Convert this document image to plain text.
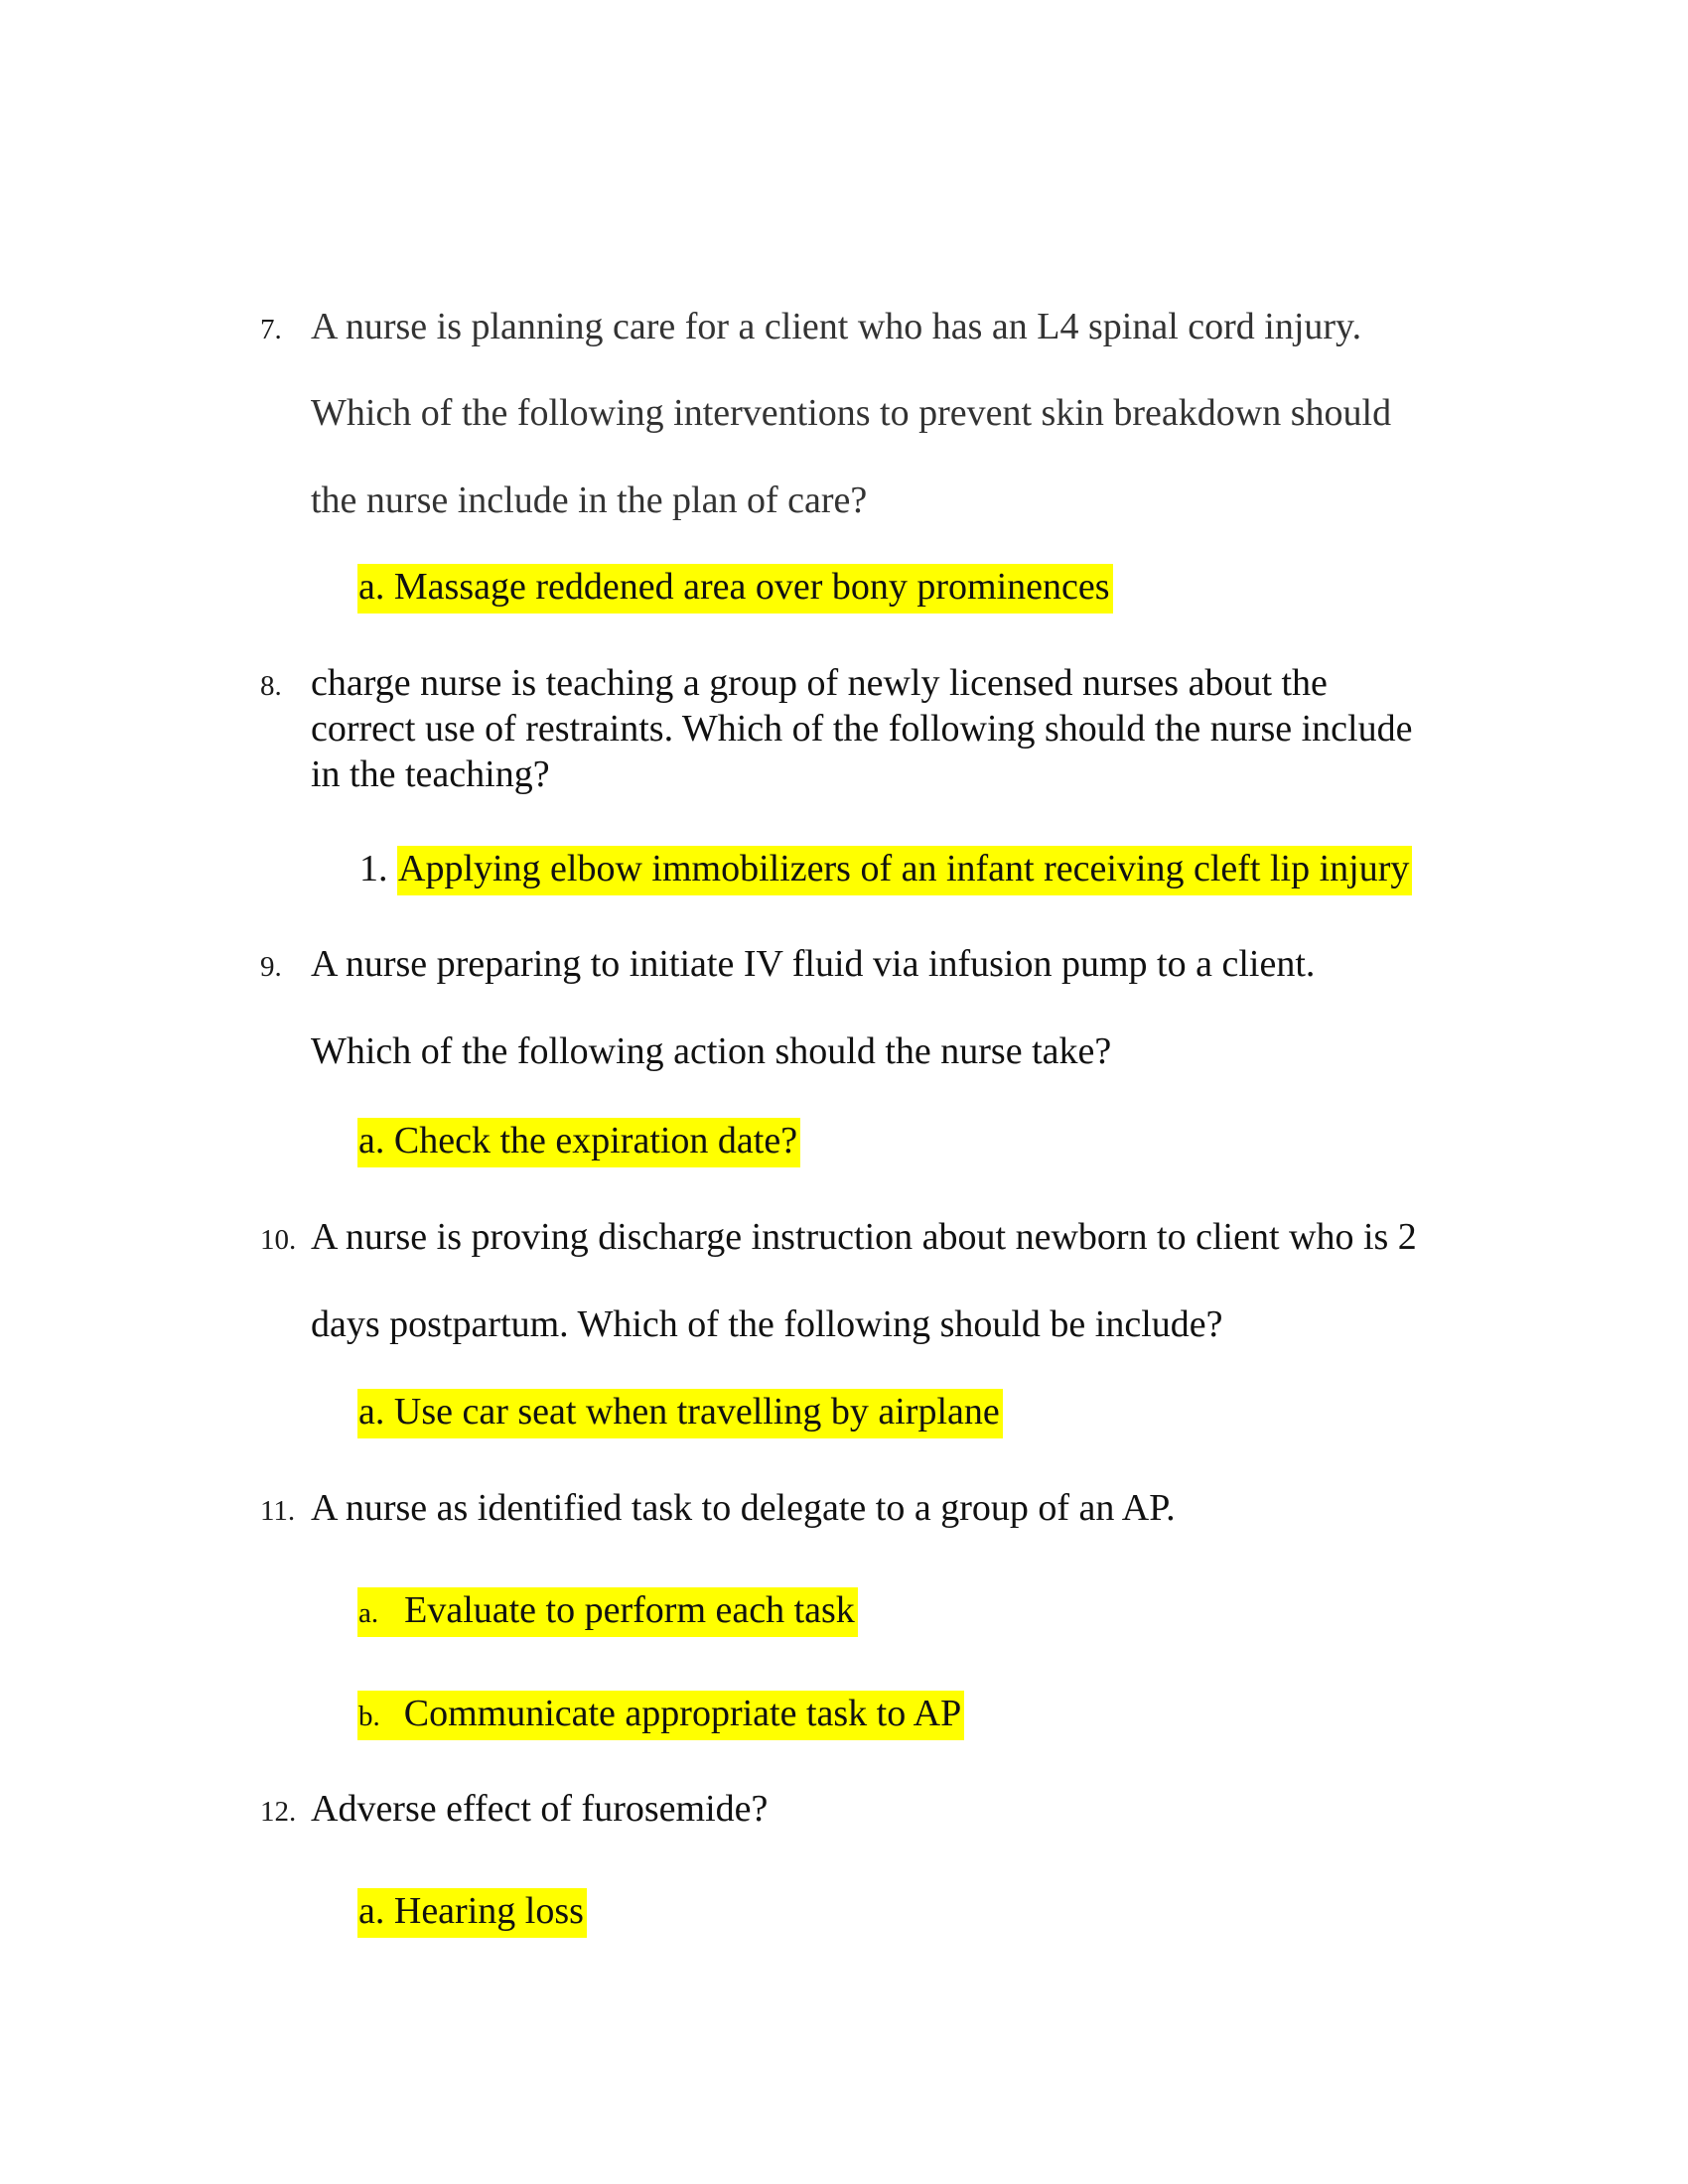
7. A nurse is planning care for a client who has an L4 spinal cord injury.
Which of the following interventions to prevent skin breakdown should
the nurse include in the plan of care?
a. Massage reddened area over bony prominences
8. charge nurse is teaching a group of newly licensed nurses about the
correct use of restraints. Which of the following should the nurse include
in the teaching?
1. Applying elbow immobilizers of an infant receiving cleft lip injury
9. A nurse preparing to initiate IV fluid via infusion pump to a client.
Which of the following action should the nurse take?
a. Check the expiration date?
10. A nurse is proving discharge instruction about newborn to client who is 2
days postpartum. Which of the following should be include?
a. Use car seat when travelling by airplane
11. A nurse as identified task to delegate to a group of an AP.
a. Evaluate to perform each task
b. Communicate appropriate task to AP
12. Adverse effect of furosemide?
a. Hearing loss
